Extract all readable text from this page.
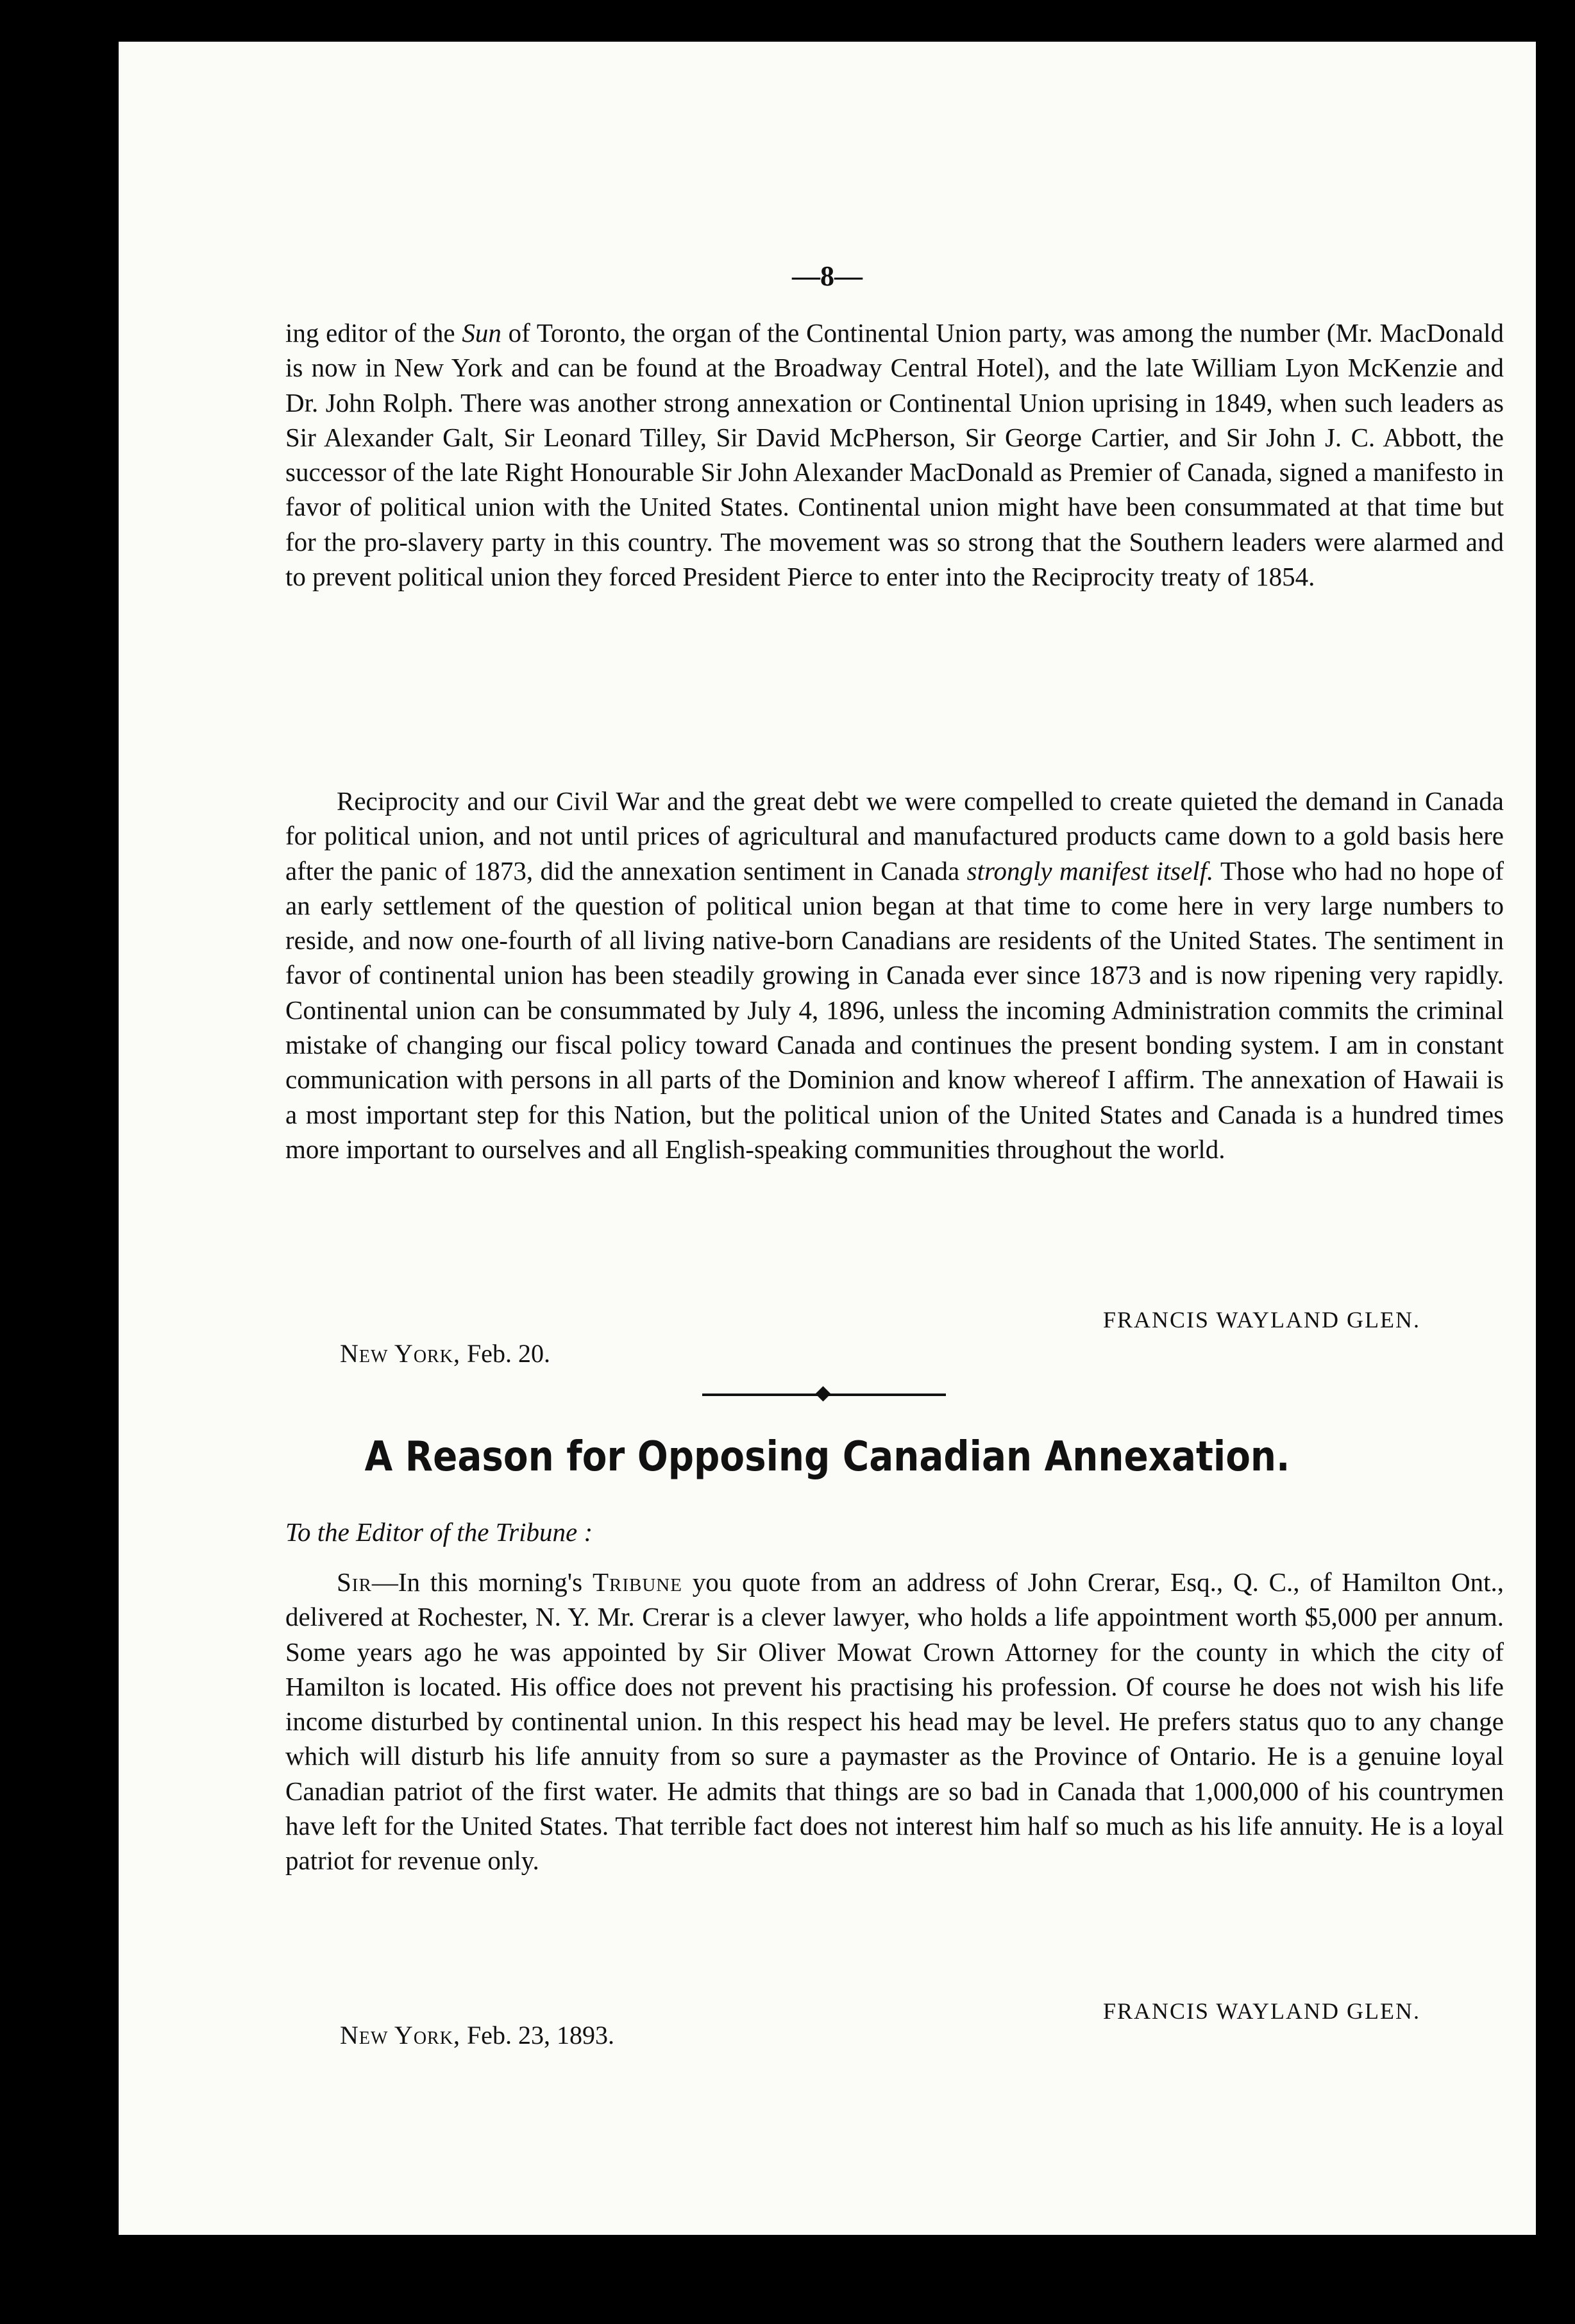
—8—

ing editor of the Sun of Toronto, the organ of the Continental Union party, was among the number (Mr. MacDonald is now in New York and can be found at the Broadway Central Hotel), and the late William Lyon McKenzie and Dr. John Rolph. There was another strong annexation or Continental Union uprising in 1849, when such leaders as Sir Alexander Galt, Sir Leonard Tilley, Sir David McPherson, Sir George Cartier, and Sir John J. C. Abbott, the successor of the late Right Honourable Sir John Alexander MacDonald as Premier of Canada, signed a manifesto in favor of political union with the United States. Continental union might have been consummated at that time but for the pro-slavery party in this country. The movement was so strong that the Southern leaders were alarmed and to prevent political union they forced President Pierce to enter into the Reciprocity treaty of 1854.

Reciprocity and our Civil War and the great debt we were compelled to create quieted the demand in Canada for political union, and not until prices of agricultural and manufactured products came down to a gold basis here after the panic of 1873, did the annexation sentiment in Canada strongly manifest itself. Those who had no hope of an early settlement of the question of political union began at that time to come here in very large numbers to reside, and now one-fourth of all living native-born Canadians are residents of the United States. The sentiment in favor of continental union has been steadily growing in Canada ever since 1873 and is now ripening very rapidly. Continental union can be consummated by July 4, 1896, unless the incoming Administration commits the criminal mistake of changing our fiscal policy toward Canada and continues the present bonding system. I am in constant communication with persons in all parts of the Dominion and know whereof I affirm. The annexation of Hawaii is a most important step for this Nation, but the political union of the United States and Canada is a hundred times more important to ourselves and all English-speaking communities throughout the world.

FRANCIS WAYLAND GLEN.
New York, Feb. 20.
A Reason for Opposing Canadian Annexation.
To the Editor of the Tribune :

Sir—In this morning's Tribune you quote from an address of John Crerar, Esq., Q. C., of Hamilton Ont., delivered at Rochester, N. Y. Mr. Crerar is a clever lawyer, who holds a life appointment worth $5,000 per annum. Some years ago he was appointed by Sir Oliver Mowat Crown Attorney for the county in which the city of Hamilton is located. His office does not prevent his practising his profession. Of course he does not wish his life income disturbed by continental union. In this respect his head may be level. He prefers status quo to any change which will disturb his life annuity from so sure a paymaster as the Province of Ontario. He is a genuine loyal Canadian patriot of the first water. He admits that things are so bad in Canada that 1,000,000 of his countrymen have left for the United States. That terrible fact does not interest him half so much as his life annuity. He is a loyal patriot for revenue only.

FRANCIS WAYLAND GLEN.
New York, Feb. 23, 1893.
